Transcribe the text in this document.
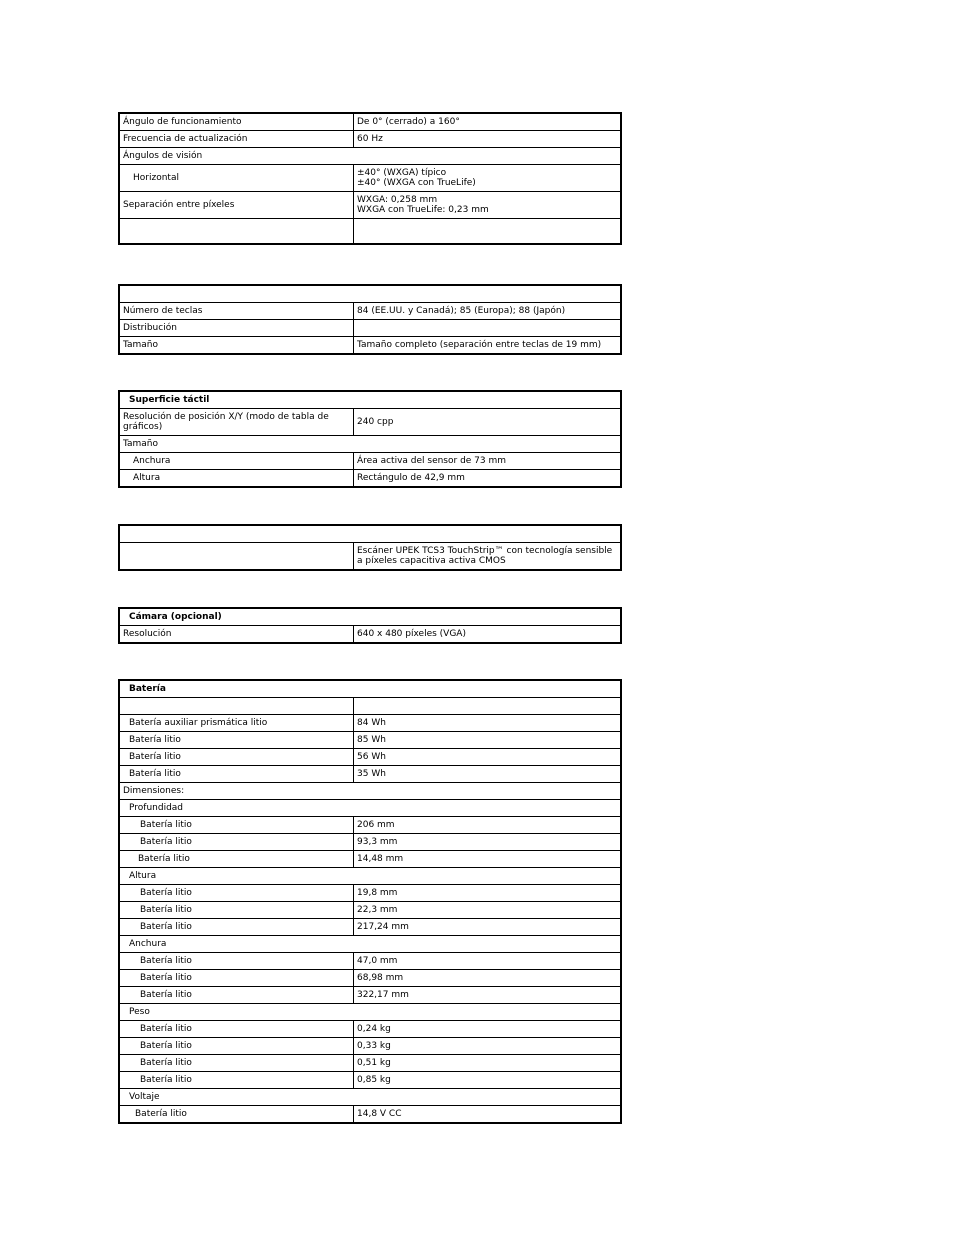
Ángulo de funcionamiento	De 0° (cerrado) a 160°
Frecuencia de actualización	60 Hz
Ángulos de visión	
Horizontal	±40° (WXGA) típico
±40° (WXGA con TrueLife)
Separación entre píxeles	WXGA: 0,258 mm
WXGA con TrueLife: 0,23 mm

Número de teclas	84 (EE.UU. y Canadá); 85 (Europa); 88 (Japón)
Distribución	
Tamaño	Tamaño completo (separación entre teclas de 19 mm)
Superficie táctil	
Resolución de posición X/Y (modo de tabla de gráficos)	240 cpp
Tamaño	
Anchura	Área activa del sensor de 73 mm
Altura	Rectángulo de 42,9 mm

	Escáner UPEK TCS3 TouchStrip™ con tecnología sensible a píxeles capacitiva activa CMOS
Cámara (opcional)
Resolución	640 x 480 píxeles (VGA)
Batería	

Batería auxiliar prismática litio	84 Wh
Batería litio	85 Wh
Batería litio	56 Wh
Batería litio	35 Wh
Dimensiones:	
Profundidad	
Batería litio	206 mm
Batería litio	93,3 mm
Batería litio	14,48 mm
Altura	
Batería litio	19,8 mm
Batería litio	22,3 mm
Batería litio	217,24 mm
Anchura	
Batería litio	47,0 mm
Batería litio	68,98 mm
Batería litio	322,17 mm
Peso	
Batería litio	0,24 kg
Batería litio	0,33 kg
Batería litio	0,51 kg
Batería litio	0,85 kg
Voltaje	
Batería litio	14,8 V CC
